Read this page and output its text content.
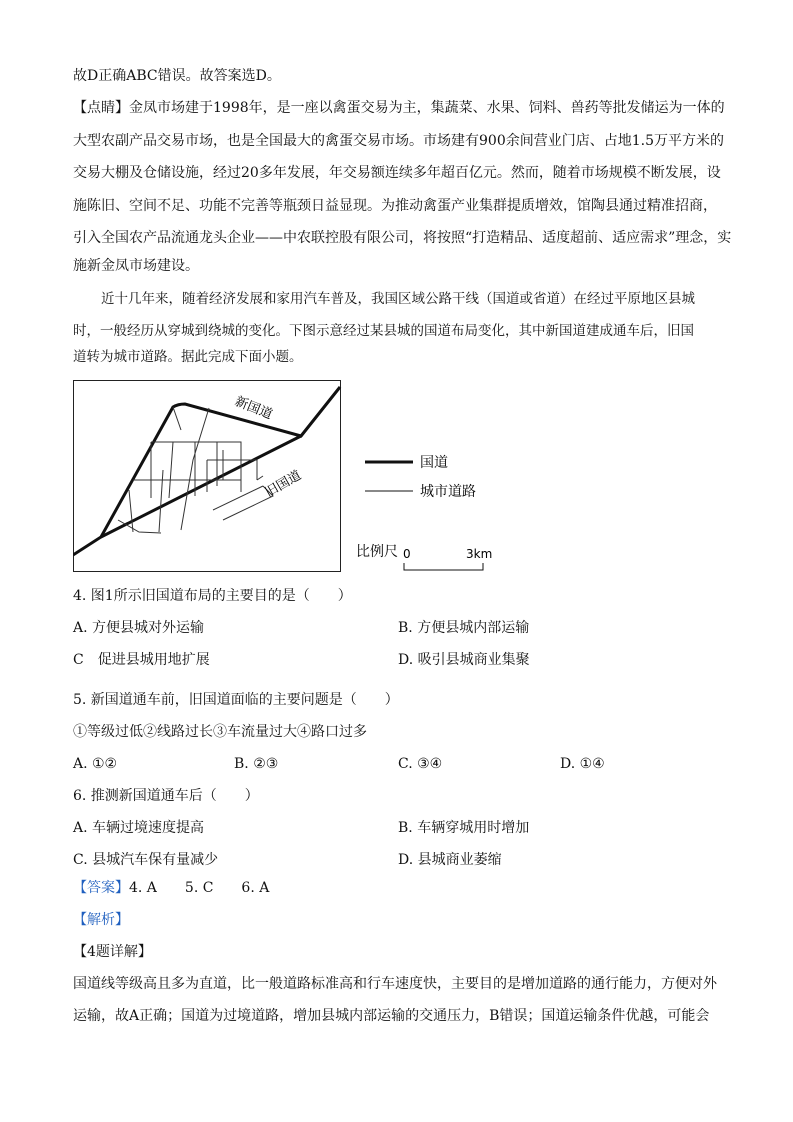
故D正确ABC错误。故答案选D。
【点睛】金凤市场建于1998年，是一座以禽蛋交易为主，集蔬菜、水果、饲料、兽药等批发储运为一体的
大型农副产品交易市场，也是全国最大的禽蛋交易市场。市场建有900余间营业门店、占地1.5万平方米的
交易大棚及仓储设施，经过20多年发展，年交易额连续多年超百亿元。然而，随着市场规模不断发展，设
施陈旧、空间不足、功能不完善等瓶颈日益显现。为推动禽蛋产业集群提质增效，馆陶县通过精准招商，
引入全国农产品流通龙头企业——中农联控股有限公司，将按照“打造精品、适度超前、适应需求”理念，实
施新金凤市场建设。
近十几年来，随着经济发展和家用汽车普及，我国区域公路干线（国道或省道）在经过平原地区县城
时，一般经历从穿城到绕城的变化。下图示意经过某县城的国道布局变化，其中新国道建成通车后，旧国
道转为城市道路。据此完成下面小题。
新国道
旧国道
国道
城市道路
比例尺 0	3km
4. 图1所示旧国道布局的主要目的是（　　）
A. 方便县城对外运输	B. 方便县城内部运输
C　促进县城用地扩展	D. 吸引县城商业集聚
5. 新国道通车前，旧国道面临的主要问题是（　　）
①等级过低②线路过长③车流量过大④路口过多
A. ①②	B. ②③	C. ③④	D. ①④
6. 推测新国道通车后（　　）
A. 车辆过境速度提高	B. 车辆穿城用时增加
C. 县城汽车保有量减少	D. 县城商业萎缩
【答案】4. A　　5. C　　6. A
【解析】
【4题详解】
国道线等级高且多为直道，比一般道路标准高和行车速度快，主要目的是增加道路的通行能力，方便对外
运输，故A正确；国道为过境道路，增加县城内部运输的交通压力，B错误；国道运输条件优越，可能会
